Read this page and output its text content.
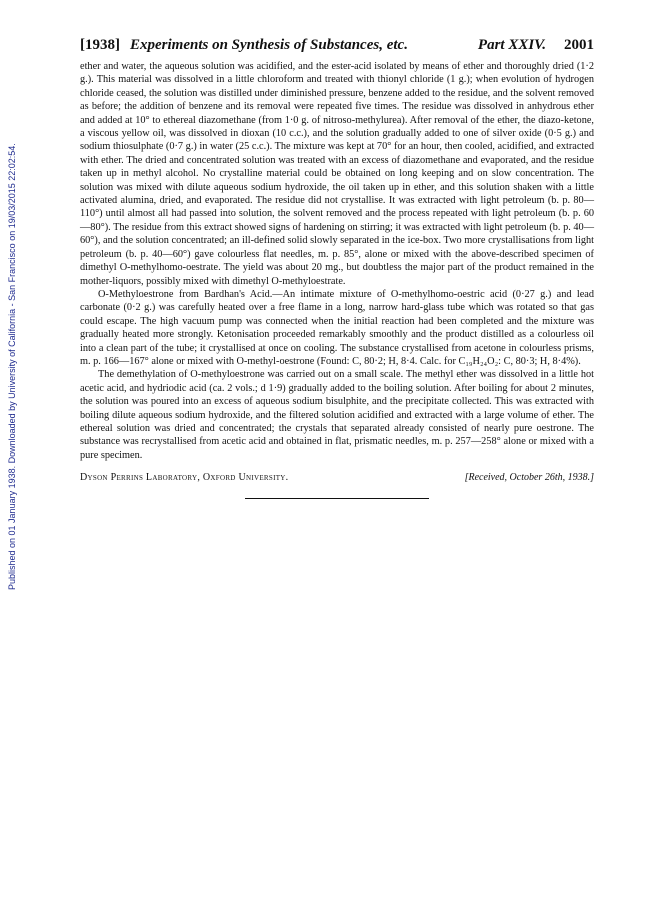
Published on 01 January 1938. Downloaded by University of California - San Francisco on 19/03/2015 22:02:54.
[1938] Experiments on Synthesis of Substances, etc.	Part XXIV. 2001

ether and water, the aqueous solution was acidified, and the ester-acid isolated by means of ether and thoroughly dried (1·2 g.). This material was dissolved in a little chloroform and treated with thionyl chloride (1 g.); when evolution of hydrogen chloride ceased, the solution was distilled under diminished pressure, benzene added to the residue, and the solvent removed as before; the addition of benzene and its removal were repeated five times. The residue was dissolved in anhydrous ether and added at 10° to ethereal diazomethane (from 1·0 g. of nitroso-methylurea). After removal of the ether, the diazo-ketone, a viscous yellow oil, was dissolved in dioxan (10 c.c.), and the solution gradually added to one of silver oxide (0·5 g.) and sodium thiosulphate (0·7 g.) in water (25 c.c.). The mixture was kept at 70° for an hour, then cooled, acidified, and extracted with ether. The dried and concentrated solution was treated with an excess of diazomethane and evaporated, and the residue taken up in methyl alcohol. No crystalline material could be obtained on long keeping and on slow concentration. The solution was mixed with dilute aqueous sodium hydroxide, the oil taken up in ether, and this solution shaken with a little activated alumina, dried, and evaporated. The residue did not crystallise. It was extracted with light petroleum (b. p. 80—110°) until almost all had passed into solution, the solvent removed and the process repeated with light petroleum (b. p. 60—80°). The residue from this extract showed signs of hardening on stirring; it was extracted with light petroleum (b. p. 40—60°), and the solution concentrated; an ill-defined solid slowly separated in the ice-box. Two more crystallisations from light petroleum (b. p. 40—60°) gave colourless flat needles, m. p. 85°, alone or mixed with the above-described specimen of dimethyl O-methylhomo-oestrate. The yield was about 20 mg., but doubtless the major part of the product remained in the mother-liquors, possibly mixed with dimethyl O-methyloestrate.

O-Methyloestrone from Bardhan's Acid.—An intimate mixture of O-methylhomo-oestric acid (0·27 g.) and lead carbonate (0·2 g.) was carefully heated over a free flame in a long, narrow hard-glass tube which was rotated so that gas could escape. The high vacuum pump was connected when the initial reaction had been completed and the mixture was gradually heated more strongly. Ketonisation proceeded remarkably smoothly and the product distilled as a colourless oil into a clean part of the tube; it crystallised at once on cooling. The substance crystallised from acetone in colourless prisms, m. p. 166—167° alone or mixed with O-methyl-oestrone (Found: C, 80·2; H, 8·4. Calc. for C₁₉H₂₄O₂: C, 80·3; H, 8·4%).

The demethylation of O-methyloestrone was carried out on a small scale. The methyl ether was dissolved in a little hot acetic acid, and hydriodic acid (ca. 2 vols.; d 1·9) gradually added to the boiling solution. After boiling for about 2 minutes, the solution was poured into an excess of aqueous sodium bisulphite, and the precipitate collected. This was extracted with boiling dilute aqueous sodium hydroxide, and the filtered solution acidified and extracted with a large volume of ether. The ethereal solution was dried and concentrated; the crystals that separated already consisted of nearly pure oestrone. The substance was recrystallised from acetic acid and obtained in flat, prismatic needles, m. p. 257—258° alone or mixed with a pure specimen.

Dyson Perrins Laboratory, Oxford University.	[Received, October 26th, 1938.]
